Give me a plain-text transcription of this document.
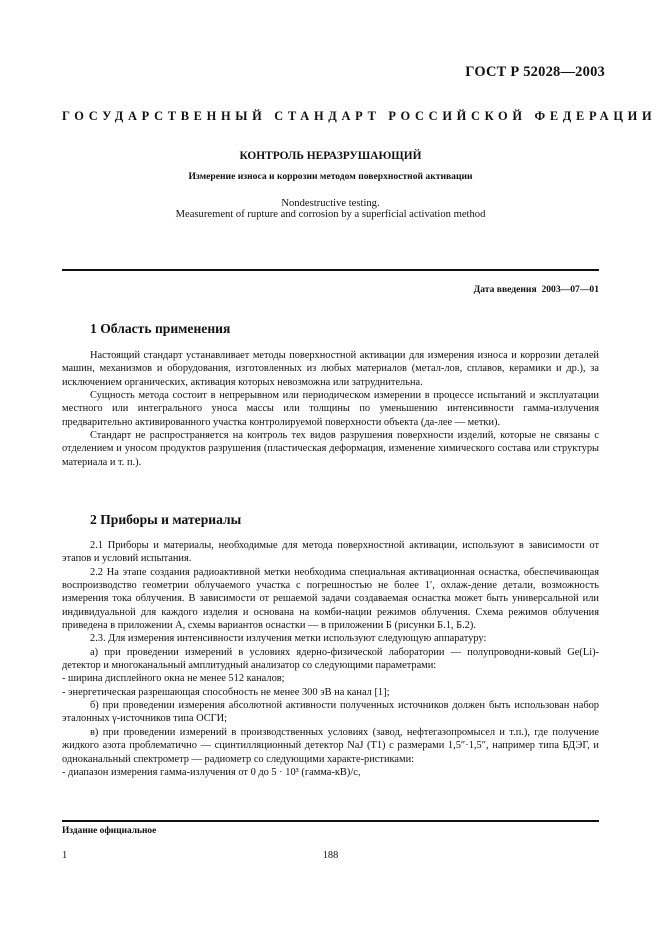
ГОСТ Р 52028—2003
ГОСУДАРСТВЕННЫЙ СТАНДАРТ РОССИЙСКОЙ ФЕДЕРАЦИИ
КОНТРОЛЬ НЕРАЗРУШАЮЩИЙ
Измерение износа и коррозии методом поверхностной активации
Nondestructive testing.
Measurement of rupture and corrosion by a superficial activation method
Дата введения 2003—07—01
1 Область применения

Настоящий стандарт устанавливает методы поверхностной активации для измерения износа и коррозии деталей машин, механизмов и оборудования, изготовленных из любых материалов (метал-лов, сплавов, керамики и др.), за исключением органических, активация которых невозможна или затруднительна.

Сущность метода состоит в непрерывном или периодическом измерении в процессе испытаний и эксплуатации местного или интегрального уноса массы или толщины по уменьшению интенсивности гамма-излучения предварительно активированного участка контролируемой поверхности объекта (да-лее — метки).

Стандарт не распространяется на контроль тех видов разрушения поверхности изделий, которые не связаны с отделением и уносом продуктов разрушения (пластическая деформация, изменение химического состава или структуры материала и т. п.).

2 Приборы и материалы

2.1 Приборы и материалы, необходимые для метода поверхностной активации, используют в зависимости от этапов и условий испытания.

2.2 На этапе создания радиоактивной метки необходима специальная активационная оснастка, обеспечивающая воспроизводство геометрии облучаемого участка с погрешностью не более 1′, охлаж-дение детали, возможность измерения тока облучения. В зависимости от решаемой задачи создаваемая оснастка может быть универсальной или индивидуальной для каждого изделия и основана на комби-нации режимов облучения. Схема режимов облучения приведена в приложении А, схемы вариантов оснастки — в приложении Б (рисунки Б.1, Б.2).

2.3. Для измерения интенсивности излучения метки используют следующую аппаратуру:

а) при проведении измерений в условиях ядерно-физической лаборатории — полупроводни-ковый Ge(Li)-детектор и многоканальный амплитудный анализатор со следующими параметрами:

- ширина дисплейного окна не менее 512 каналов;

- энергетическая разрешающая способность не менее 300 эВ на канал [1];

б) при проведении измерения абсолютной активности полученных источников должен быть использован набор эталонных γ-источников типа ОСГИ;

в) при проведении измерений в производственных условиях (завод, нефтегазопромысел и т.п.), где получение жидкого азота проблематично — сцинтилляционный детектор NaJ (T1) с размерами 1,5″·1,5″, например типа БДЭГ, и одноканальный спектрометр — радиометр со следующими характе-ристиками:

- диапазон измерения гамма-излучения от 0 до 5 · 10³ (гамма-кВ)/с,

Издание официальное
1	188
